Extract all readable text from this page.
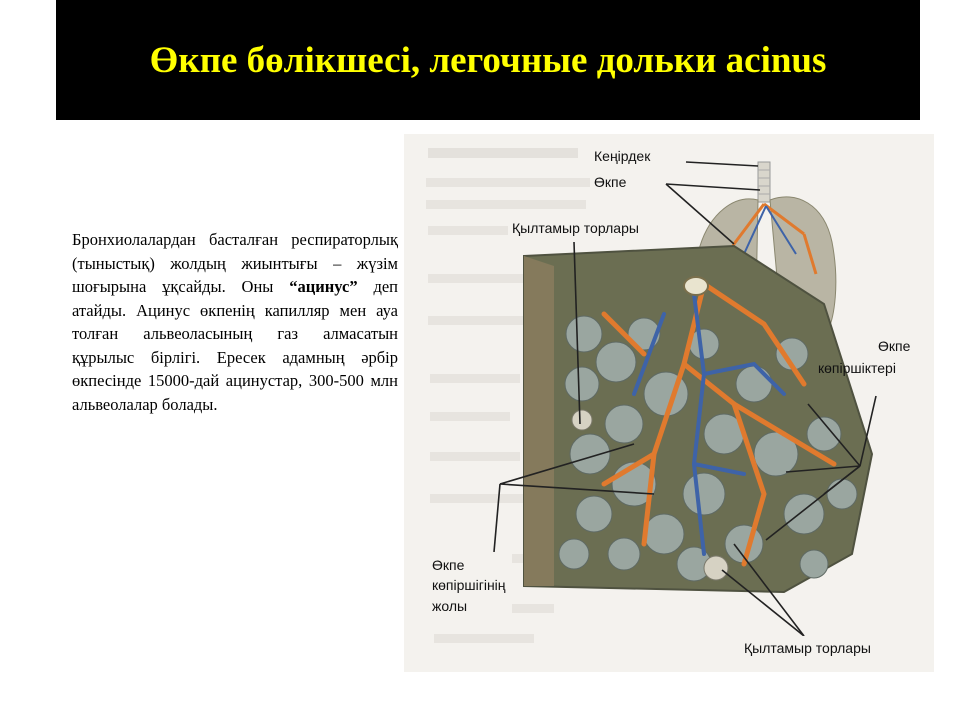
Өкпе бөлікшесі, легочные дольки acinus
Бронхиолалардан басталған респираторлық (тыныстық) жолдың жиынтығы – жүзім шоғырына ұқсайды. Оны “ацинус” деп атайды. Ацинус өкпенің капилляр мен ауа толған альвеоласының газ алмасатын құрылыс бірлігі. Ересек адамның әрбір өкпесінде 15000-дай ацинустар, 300-500 млн альвеолалар болады.
Кеңірдек
Өкпе
Қылтамыр торлары
Өкпе
көпіршіктері
Өкпе
көпіршігінің
жолы
Қылтамыр торлары
